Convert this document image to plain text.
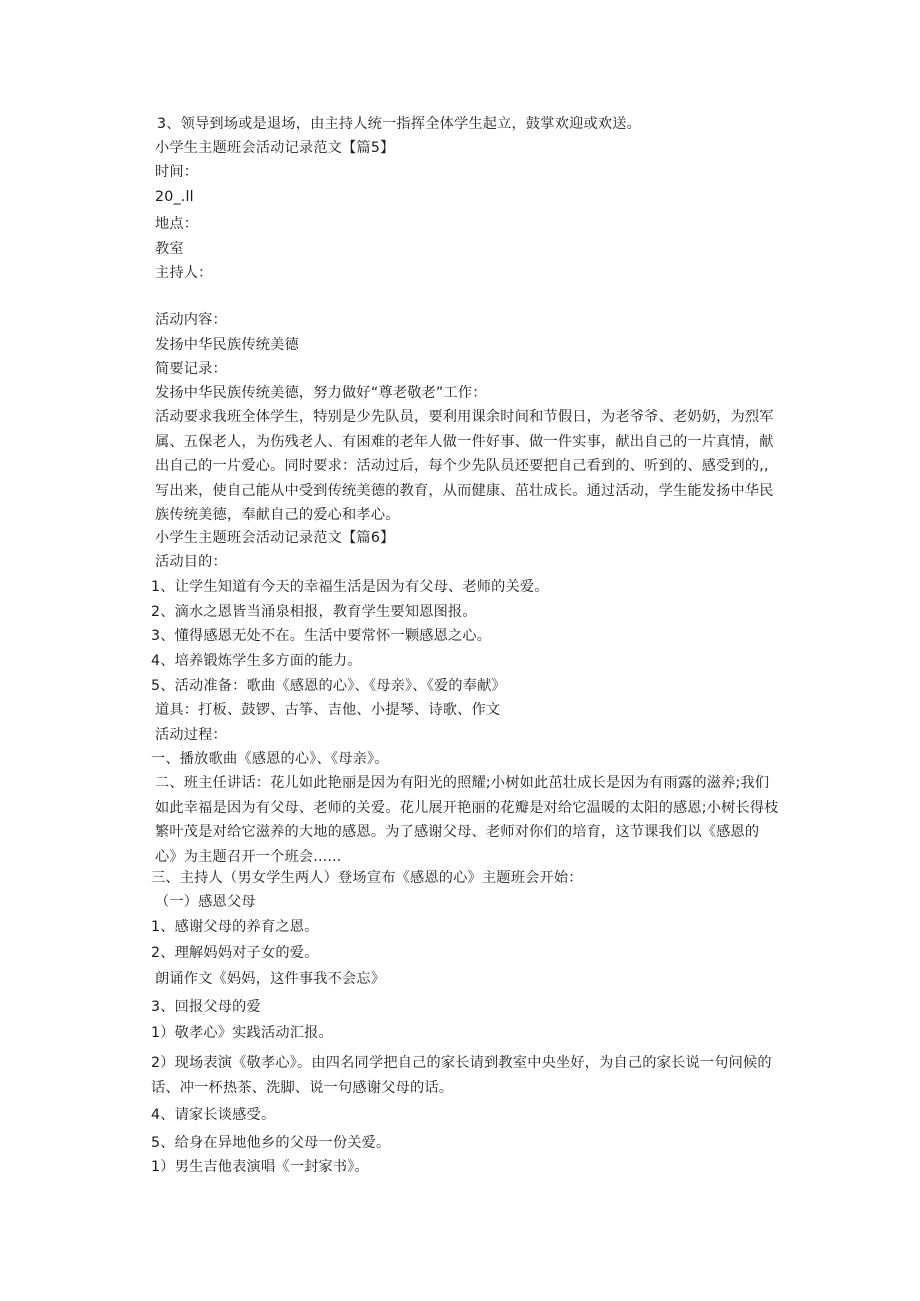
3、领导到场或是退场，由主持人统一指挥全体学生起立，鼓掌欢迎或欢送。
小学生主题班会活动记录范文【篇5】
时间：
20_.ll
地点：
教室
主持人：
活动内容：
发扬中华民族传统美德
简要记录：
发扬中华民族传统美德，努力做好“尊老敬老”工作：
活动要求我班全体学生，特别是少先队员，要利用课余时间和节假日，为老爷爷、老奶奶，为烈军属、五保老人，为伤残老人、有困难的老年人做一件好事、做一件实事，献出自己的一片真情，献出自己的一片爱心。同时要求：活动过后，每个少先队员还要把自己看到的、听到的、感受到的,,写出来，使自己能从中受到传统美德的教育，从而健康、茁壮成长。通过活动，学生能发扬中华民族传统美德，奉献自己的爱心和孝心。
小学生主题班会活动记录范文【篇6】
活动目的：
1、让学生知道有今天的幸福生活是因为有父母、老师的关爱。
2、滴水之恩皆当涌泉相报，教育学生要知恩图报。
3、懂得感恩无处不在。生活中要常怀一颗感恩之心。
4、培养锻炼学生多方面的能力。
5、活动准备：歌曲《感恩的心》、《母亲》、《爱的奉献》
道具：打板、鼓锣、古筝、吉他、小提琴、诗歌、作文
活动过程：
一、播放歌曲《感恩的心》、《母亲》。
二、班主任讲话：花儿如此艳丽是因为有阳光的照耀;小树如此茁壮成长是因为有雨露的滋养;我们如此幸福是因为有父母、老师的关爱。花儿展开艳丽的花瓣是对给它温暖的太阳的感恩;小树长得枝繁叶茂是对给它滋养的大地的感恩。为了感谢父母、老师对你们的培育，这节课我们以《感恩的心》为主题召开一个班会......
三、主持人（男女学生两人）登场宣布《感恩的心》主题班会开始：
（一）感恩父母
1、感谢父母的养育之恩。
2、理解妈妈对子女的爱。
朗诵作文《妈妈，这件事我不会忘》
3、回报父母的爱
1）敬孝心》实践活动汇报。
2）现场表演《敬孝心》。由四名同学把自己的家长请到教室中央坐好，为自己的家长说一句问候的话、冲一杯热茶、洗脚、说一句感谢父母的话。
4、请家长谈感受。
5、给身在异地他乡的父母一份关爱。
1）男生吉他表演唱《一封家书》。
